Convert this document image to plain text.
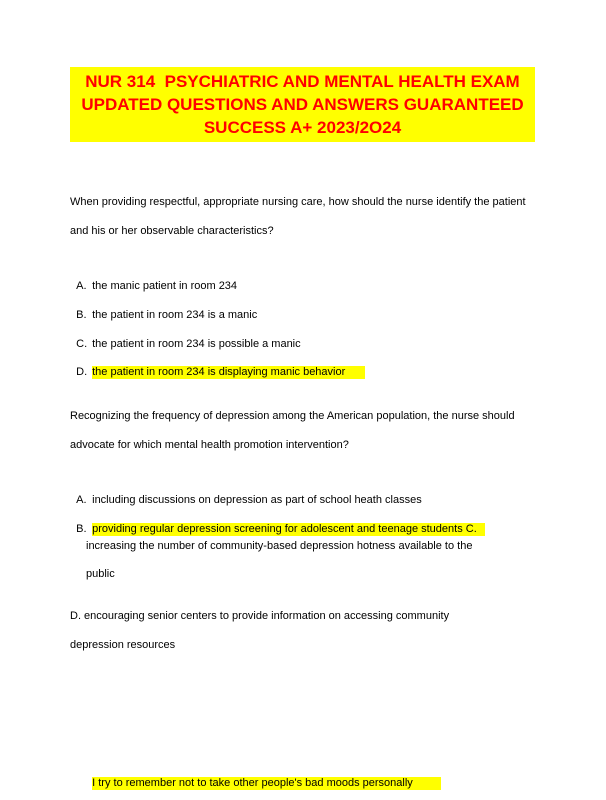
NUR 314  PSYCHIATRIC AND MENTAL HEALTH EXAM
UPDATED QUESTIONS AND ANSWERS GUARANTEED
SUCCESS A+ 2023/2O24
When providing respectful, appropriate nursing care, how should the nurse identify the patient
and his or her observable characteristics?

A. the manic patient in room 234

B. the patient in room 234 is a manic

C. the patient in room 234 is possible a manic

D. the patient in room 234 is displaying manic behavior

Recognizing the frequency of depression among the American population, the nurse should
advocate for which mental health promotion intervention?

A. including discussions on depression as part of school heath classes

B. providing regular depression screening for adolescent and teenage students C.

increasing the number of community-based depression hotness available to the
public
D. encouraging senior centers to provide information on accessing community
depression resources

I try to remember not to take other people's bad moods personally
